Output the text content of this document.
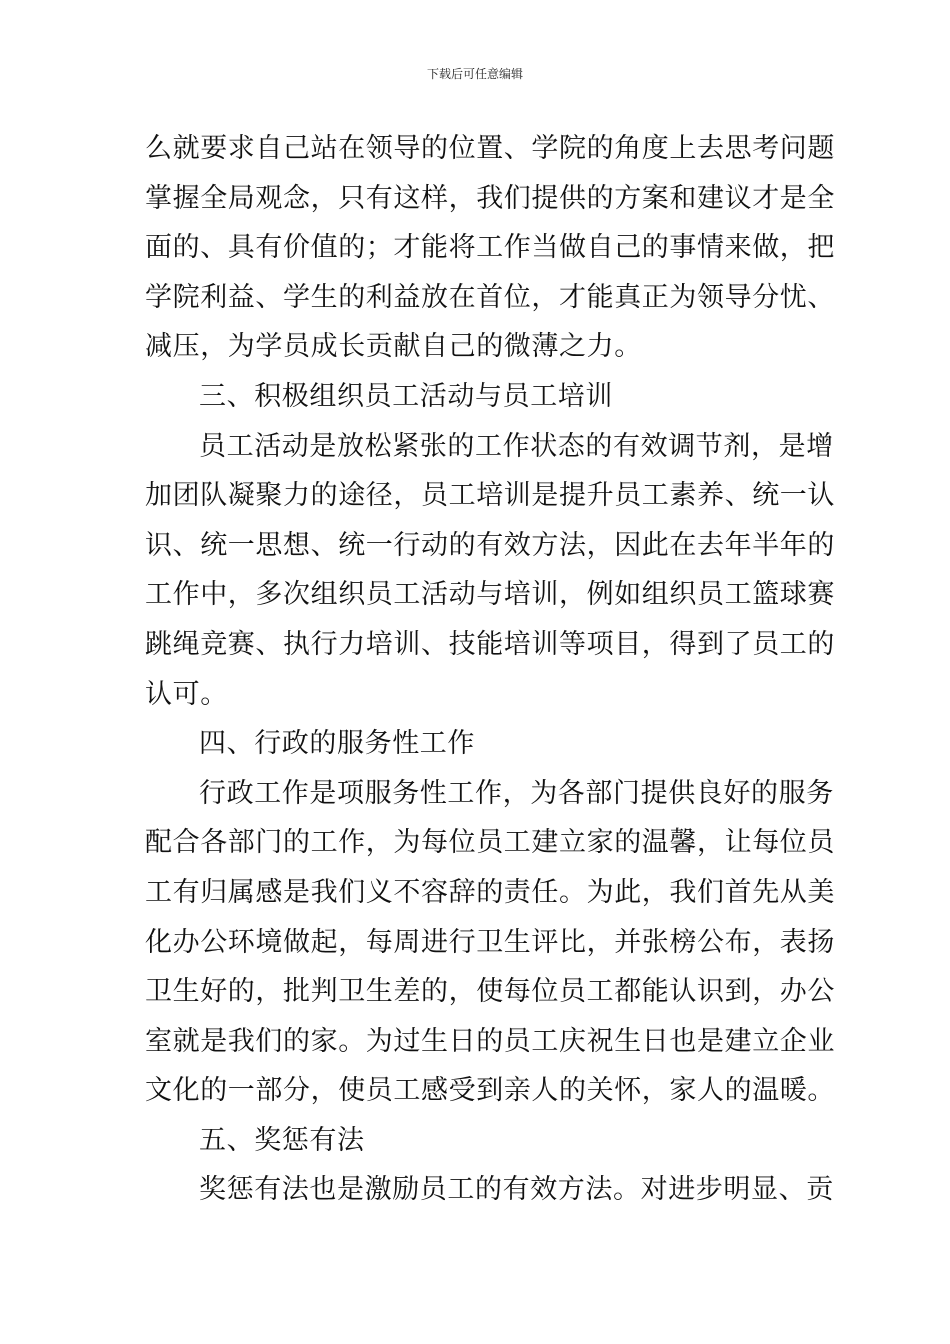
下载后可任意编辑
么就要求自己站在领导的位置、学院的角度上去思考问题
掌握全局观念，只有这样，我们提供的方案和建议才是全
面的、具有价值的；才能将工作当做自己的事情来做，把
学院利益、学生的利益放在首位，才能真正为领导分忧、
减压，为学员成长贡献自己的微薄之力。
三、积极组织员工活动与员工培训
员工活动是放松紧张的工作状态的有效调节剂，是增
加团队凝聚力的途径，员工培训是提升员工素养、统一认
识、统一思想、统一行动的有效方法，因此在去年半年的
工作中，多次组织员工活动与培训，例如组织员工篮球赛
跳绳竞赛、执行力培训、技能培训等项目，得到了员工的
认可。
四、行政的服务性工作
行政工作是项服务性工作，为各部门提供良好的服务
配合各部门的工作，为每位员工建立家的温馨，让每位员
工有归属感是我们义不容辞的责任。为此，我们首先从美
化办公环境做起，每周进行卫生评比，并张榜公布，表扬
卫生好的，批判卫生差的，使每位员工都能认识到，办公
室就是我们的家。为过生日的员工庆祝生日也是建立企业
文化的一部分，使员工感受到亲人的关怀，家人的温暖。
五、奖惩有法
奖惩有法也是激励员工的有效方法。对进步明显、贡
